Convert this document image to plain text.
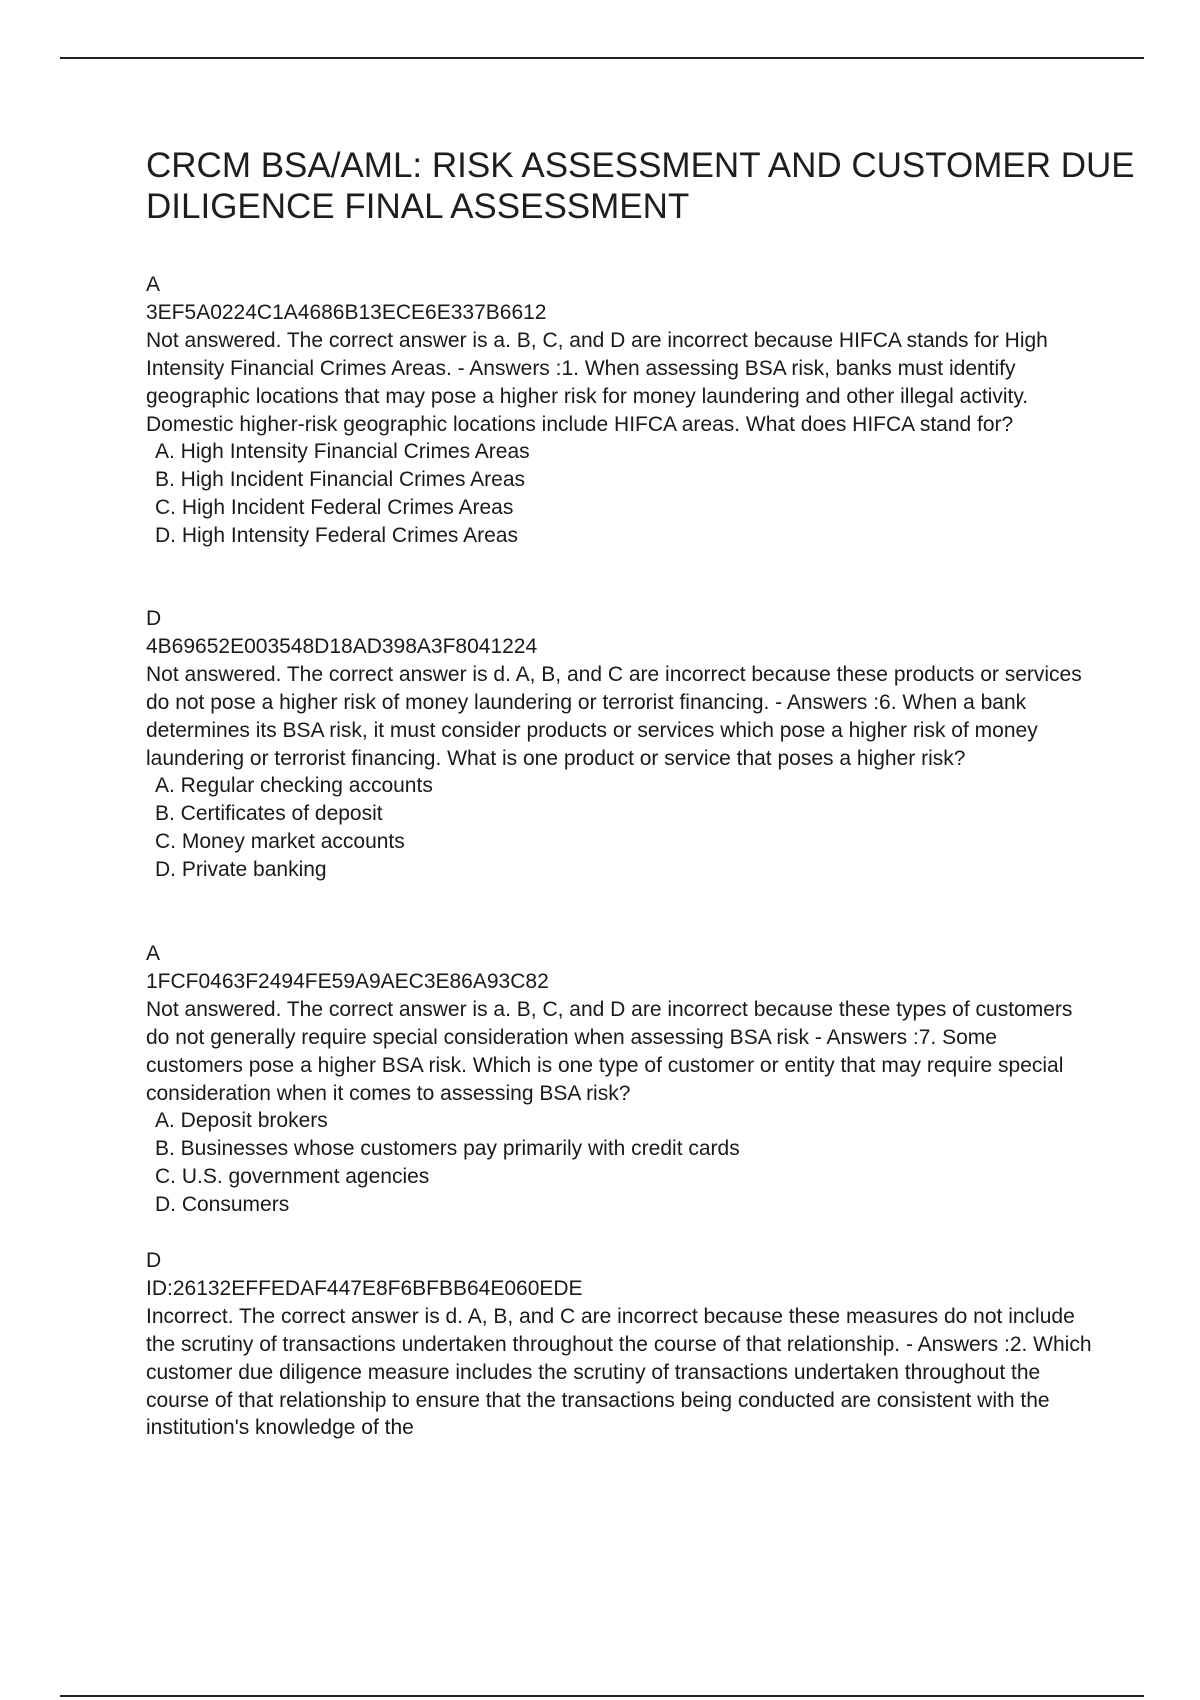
CRCM BSA/AML: RISK ASSESSMENT AND CUSTOMER DUE DILIGENCE FINAL ASSESSMENT
A
3EF5A0224C1A4686B13ECE6E337B6612
Not answered. The correct answer is a. B, C, and D are incorrect because HIFCA stands for High Intensity Financial Crimes Areas. - Answers :1. When assessing BSA risk, banks must identify geographic locations that may pose a higher risk for money laundering and other illegal activity. Domestic higher-risk geographic locations include HIFCA areas. What does HIFCA stand for?
A. High Intensity Financial Crimes Areas
B. High Incident Financial Crimes Areas
C. High Incident Federal Crimes Areas
D. High Intensity Federal Crimes Areas
D
4B69652E003548D18AD398A3F8041224
Not answered. The correct answer is d. A, B, and C are incorrect because these products or services do not pose a higher risk of money laundering or terrorist financing. - Answers :6. When a bank determines its BSA risk, it must consider products or services which pose a higher risk of money laundering or terrorist financing. What is one product or service that poses a higher risk?
A. Regular checking accounts
B. Certificates of deposit
C. Money market accounts
D. Private banking
A
1FCF0463F2494FE59A9AEC3E86A93C82
Not answered. The correct answer is a. B, C, and D are incorrect because these types of customers do not generally require special consideration when assessing BSA risk - Answers :7. Some customers pose a higher BSA risk. Which is one type of customer or entity that may require special consideration when it comes to assessing BSA risk?
A. Deposit brokers
B. Businesses whose customers pay primarily with credit cards
C. U.S. government agencies
D. Consumers
D
ID:26132EFFEDAF447E8F6BFBB64E060EDE
Incorrect. The correct answer is d. A, B, and C are incorrect because these measures do not include the scrutiny of transactions undertaken throughout the course of that relationship. - Answers :2. Which customer due diligence measure includes the scrutiny of transactions undertaken throughout the course of that relationship to ensure that the transactions being conducted are consistent with the institution's knowledge of the
